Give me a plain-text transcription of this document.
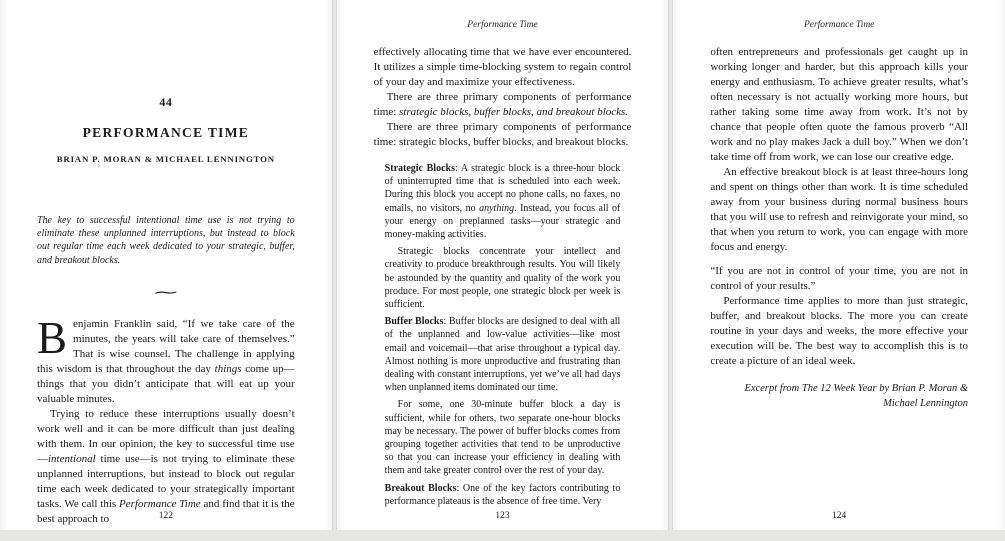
44
PERFORMANCE TIME
BRIAN P. MORAN & MICHAEL LENNINGTON

The key to successful intentional time use is not trying to eliminate these unplanned interruptions, but instead to block out regular time each week dedicated to your strategic, buffer, and breakout blocks.

∼

Benjamin Franklin said, “If we take care of the minutes, the years will take care of themselves.” That is wise counsel. The challenge in applying this wisdom is that throughout the day things come up—things that you didn’t anticipate that will eat up your valuable minutes.

Trying to reduce these interruptions usually doesn’t work well and it can be more difficult than just dealing with them. In our opinion, the key to successful time use—intentional time use—is not trying to eliminate these unplanned interruptions, but instead to block out regular time each week dedicated to your strategically important tasks. We call this Performance Time and find that it is the best approach to	122
Performance Time

effectively allocating time that we have ever encountered. It utilizes a simple time-blocking system to regain control of your day and maximize your effectiveness.

There are three primary components of performance time: strategic blocks, buffer blocks, and breakout blocks.

There are three primary components of performance time: strategic blocks, buffer blocks, and breakout blocks.

Strategic Blocks: A strategic block is a three-hour block of uninterrupted time that is scheduled into each week. During this block you accept no phone calls, no faxes, no emails, no visitors, no anything. Instead, you focus all of your energy on preplanned tasks—your strategic and money-making activities.

Strategic blocks concentrate your intellect and creativity to produce breakthrough results. You will likely be astounded by the quantity and quality of the work you produce. For most people, one strategic block per week is sufficient.

Buffer Blocks: Buffer blocks are designed to deal with all of the unplanned and low-value activities—like most email and voicemail—that arise throughout a typical day. Almost nothing is more unproductive and frustrating than dealing with constant interruptions, yet we’ve all had days when unplanned items dominated our time.

For some, one 30-minute buffer block a day is sufficient, while for others, two separate one-hour blocks may be necessary. The power of buffer blocks comes from grouping together activities that tend to be unproductive so that you can increase your efficiency in dealing with them and take greater control over the rest of your day.

Breakout Blocks: One of the key factors contributing to performance plateaus is the absence of free time. Very

123
Performance Time

often entrepreneurs and professionals get caught up in working longer and harder, but this approach kills your energy and enthusiasm. To achieve greater results, what’s often necessary is not actually working more hours, but rather taking some time away from work. It’s not by chance that people often quote the famous proverb “All work and no play makes Jack a dull boy.” When we don’t take time off from work, we can lose our creative edge.

An effective breakout block is at least three-hours long and spent on things other than work. It is time scheduled away from your business during normal business hours that you will use to refresh and reinvigorate your mind, so that when you return to work, you can engage with more focus and energy.

“If you are not in control of your time, you are not in control of your results.”

Performance time applies to more than just strategic, buffer, and breakout blocks. The more you can create routine in your days and weeks, the more effective your execution will be. The best way to accomplish this is to create a picture of an ideal week.

Excerpt from The 12 Week Year by Brian P. Moran & Michael Lennington

124
